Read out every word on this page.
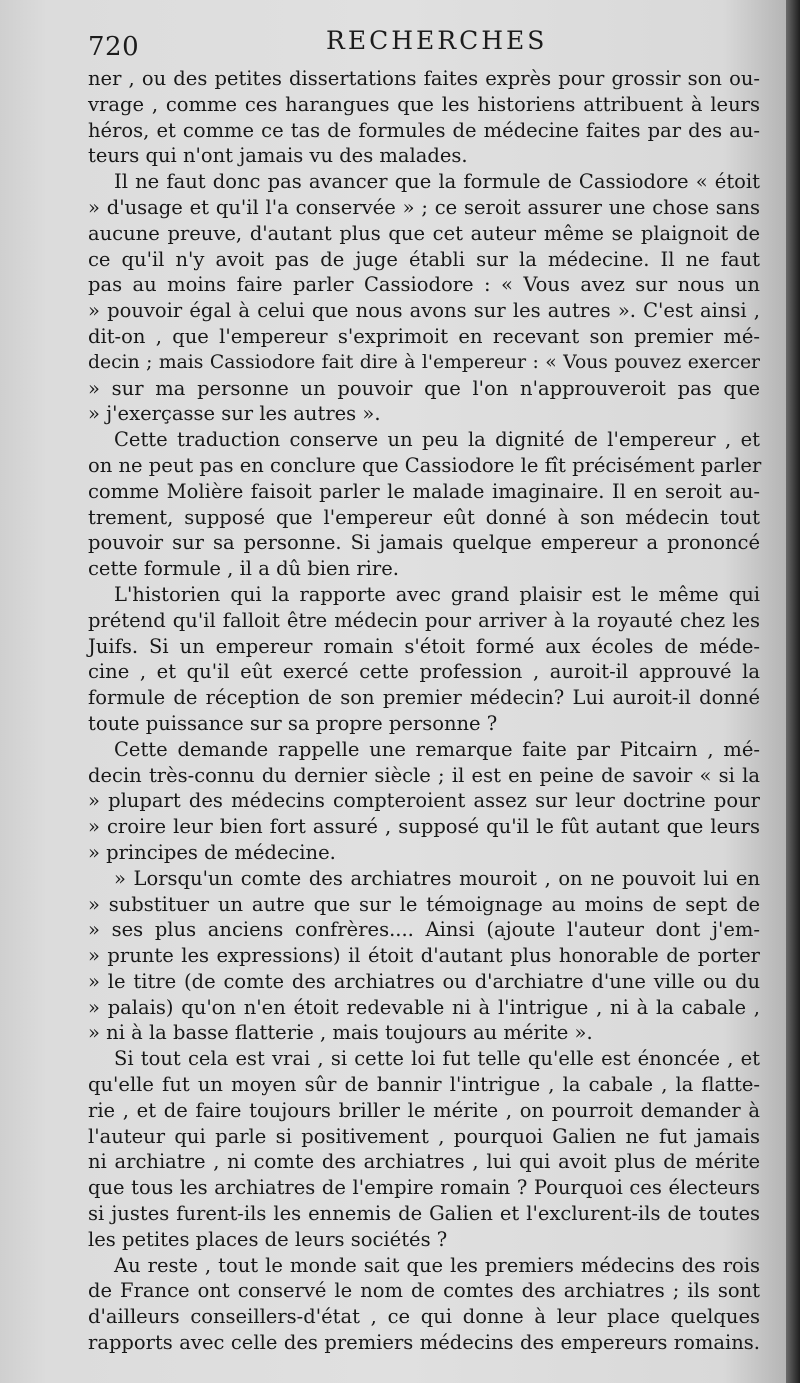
720	RECHERCHES
ner , ou des petites dissertations faites exprès pour grossir son ou-
vrage , comme ces harangues que les historiens attribuent à leurs
héros, et comme ce tas de formules de médecine faites par des au-
teurs qui n'ont jamais vu des malades.
Il ne faut donc pas avancer que la formule de Cassiodore « étoit
» d'usage et qu'il l'a conservée » ; ce seroit assurer une chose sans
aucune preuve, d'autant plus que cet auteur même se plaignoit de
ce qu'il n'y avoit pas de juge établi sur la médecine. Il ne faut
pas au moins faire parler Cassiodore : « Vous avez sur nous un
» pouvoir égal à celui que nous avons sur les autres ». C'est ainsi ,
dit-on , que l'empereur s'exprimoit en recevant son premier mé-
decin ; mais Cassiodore fait dire à l'empereur : « Vous pouvez exercer
» sur ma personne un pouvoir que l'on n'approuveroit pas que
» j'exerçasse sur les autres ».
Cette traduction conserve un peu la dignité de l'empereur , et
on ne peut pas en conclure que Cassiodore le fît précisément parler
comme Molière faisoit parler le malade imaginaire. Il en seroit au-
trement, supposé que l'empereur eût donné à son médecin tout
pouvoir sur sa personne. Si jamais quelque empereur a prononcé
cette formule , il a dû bien rire.
L'historien qui la rapporte avec grand plaisir est le même qui
prétend qu'il falloit être médecin pour arriver à la royauté chez les
Juifs. Si un empereur romain s'étoit formé aux écoles de méde-
cine , et qu'il eût exercé cette profession , auroit-il approuvé la
formule de réception de son premier médecin? Lui auroit-il donné
toute puissance sur sa propre personne ?
Cette demande rappelle une remarque faite par Pitcairn , mé-
decin très-connu du dernier siècle ; il est en peine de savoir « si la
» plupart des médecins compteroient assez sur leur doctrine pour
» croire leur bien fort assuré , supposé qu'il le fût autant que leurs
» principes de médecine.
» Lorsqu'un comte des archiatres mouroit , on ne pouvoit lui en
» substituer un autre que sur le témoignage au moins de sept de
» ses plus anciens confrères.... Ainsi (ajoute l'auteur dont j'em-
» prunte les expressions) il étoit d'autant plus honorable de porter
» le titre (de comte des archiatres ou d'archiatre d'une ville ou du
» palais) qu'on n'en étoit redevable ni à l'intrigue , ni à la cabale ,
» ni à la basse flatterie , mais toujours au mérite ».
Si tout cela est vrai , si cette loi fut telle qu'elle est énoncée , et
qu'elle fut un moyen sûr de bannir l'intrigue , la cabale , la flatte-
rie , et de faire toujours briller le mérite , on pourroit demander à
l'auteur qui parle si positivement , pourquoi Galien ne fut jamais
ni archiatre , ni comte des archiatres , lui qui avoit plus de mérite
que tous les archiatres de l'empire romain ? Pourquoi ces électeurs
si justes furent-ils les ennemis de Galien et l'exclurent-ils de toutes
les petites places de leurs sociétés ?
Au reste , tout le monde sait que les premiers médecins des rois
de France ont conservé le nom de comtes des archiatres ; ils sont
d'ailleurs conseillers-d'état , ce qui donne à leur place quelques
rapports avec celle des premiers médecins des empereurs romains.
